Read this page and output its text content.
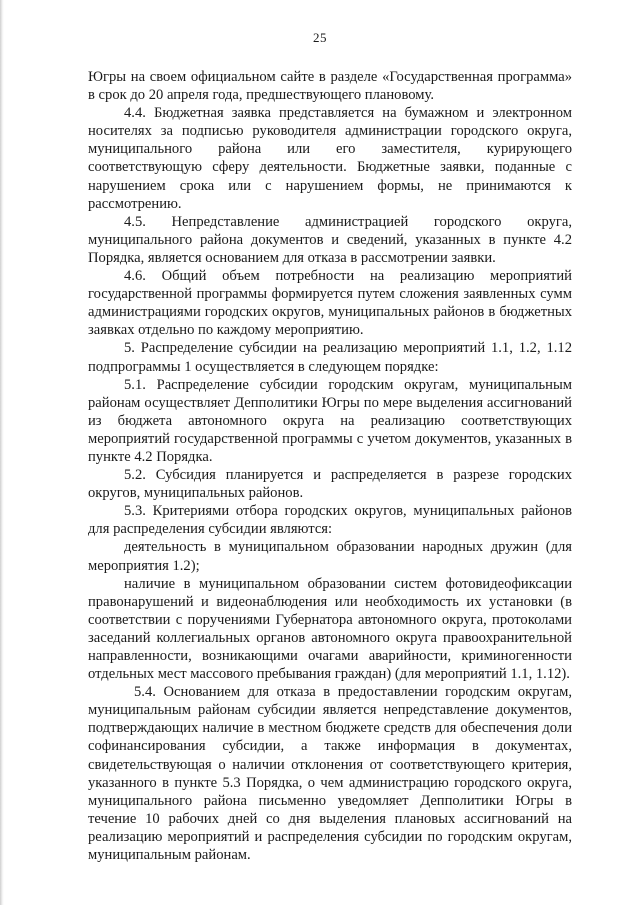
25

Югры на своем официальном сайте в разделе «Государственная программа» в срок до 20 апреля года, предшествующего плановому.

4.4. Бюджетная заявка представляется на бумажном и электронном носителях за подписью руководителя администрации городского округа, муниципального района или его заместителя, курирующего соответствующую сферу деятельности. Бюджетные заявки, поданные с нарушением срока или с нарушением формы, не принимаются к рассмотрению.

4.5. Непредставление администрацией городского округа, муниципального района документов и сведений, указанных в пункте 4.2 Порядка, является основанием для отказа в рассмотрении заявки.

4.6. Общий объем потребности на реализацию мероприятий государственной программы формируется путем сложения заявленных сумм администрациями городских округов, муниципальных районов в бюджетных заявках отдельно по каждому мероприятию.

5. Распределение субсидии на реализацию мероприятий 1.1, 1.2, 1.12 подпрограммы 1 осуществляется в следующем порядке:

5.1. Распределение субсидии городским округам, муниципальным районам осуществляет Депполитики Югры по мере выделения ассигнований из бюджета автономного округа на реализацию соответствующих мероприятий государственной программы с учетом документов, указанных в пункте 4.2 Порядка.

5.2. Субсидия планируется и распределяется в разрезе городских округов, муниципальных районов.

5.3. Критериями отбора городских округов, муниципальных районов для распределения субсидии являются:

деятельность в муниципальном образовании народных дружин (для мероприятия 1.2);

наличие в муниципальном образовании систем фотовидеофиксации правонарушений и видеонаблюдения или необходимость их установки (в соответствии с поручениями Губернатора автономного округа, протоколами заседаний коллегиальных органов автономного округа правоохранительной направленности, возникающими очагами аварийности, криминогенности отдельных мест массового пребывания граждан) (для мероприятий 1.1, 1.12).

5.4. Основанием для отказа в предоставлении городским округам, муниципальным районам субсидии является непредставление документов, подтверждающих наличие в местном бюджете средств для обеспечения доли софинансирования субсидии, а также информация в документах, свидетельствующая о наличии отклонения от соответствующего критерия, указанного в пункте 5.3 Порядка, о чем администрацию городского округа, муниципального района письменно уведомляет Депполитики Югры в течение 10 рабочих дней со дня выделения плановых ассигнований на реализацию мероприятий и распределения субсидии по городским округам, муниципальным районам.
